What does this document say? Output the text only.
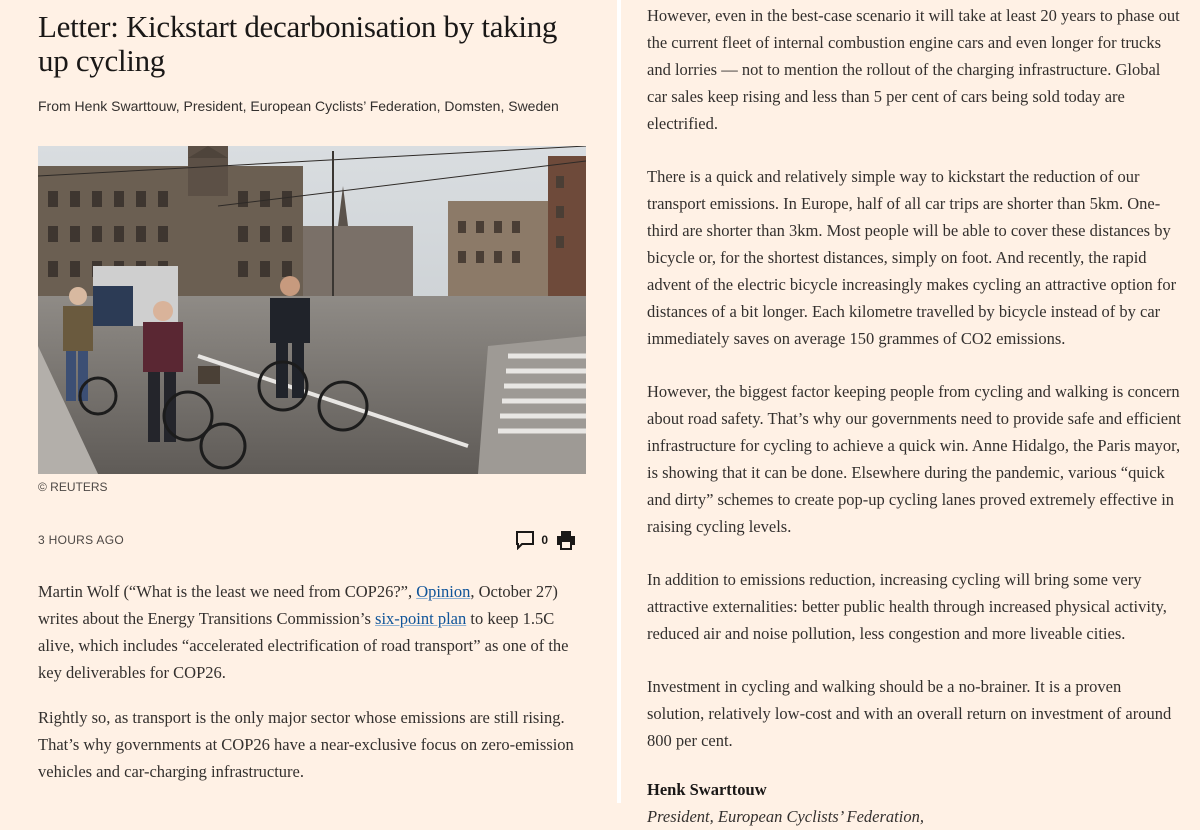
Letter: Kickstart decarbonisation by taking up cycling
From Henk Swarttouw, President, European Cyclists’ Federation, Domsten, Sweden
© REUTERS
3 HOURS AGO	0

Martin Wolf (“What is the least we need from COP26?”, Opinion, October 27) writes about the Energy Transitions Commission’s six-point plan to keep 1.5C alive, which includes “accelerated electrification of road transport” as one of the key deliverables for COP26.

Rightly so, as transport is the only major sector whose emissions are still rising. That’s why governments at COP26 have a near-exclusive focus on zero-emission vehicles and car-charging infrastructure.

However, even in the best-case scenario it will take at least 20 years to phase out the current fleet of internal combustion engine cars and even longer for trucks and lorries — not to mention the rollout of the charging infrastructure. Global car sales keep rising and less than 5 per cent of cars being sold today are electrified.

There is a quick and relatively simple way to kickstart the reduction of our transport emissions. In Europe, half of all car trips are shorter than 5km. One-third are shorter than 3km. Most people will be able to cover these distances by bicycle or, for the shortest distances, simply on foot. And recently, the rapid advent of the electric bicycle increasingly makes cycling an attractive option for distances of a bit longer. Each kilometre travelled by bicycle instead of by car immediately saves on average 150 grammes of CO2 emissions.

However, the biggest factor keeping people from cycling and walking is concern about road safety. That’s why our governments need to provide safe and efficient infrastructure for cycling to achieve a quick win. Anne Hidalgo, the Paris mayor, is showing that it can be done. Elsewhere during the pandemic, various “quick and dirty” schemes to create pop-up cycling lanes proved extremely effective in raising cycling levels.

In addition to emissions reduction, increasing cycling will bring some very attractive externalities: better public health through increased physical activity, reduced air and noise pollution, less congestion and more liveable cities.

Investment in cycling and walking should be a no-brainer. It is a proven solution, relatively low-cost and with an overall return on investment of around 800 per cent.

Henk Swarttouw
President, European Cyclists’ Federation,
